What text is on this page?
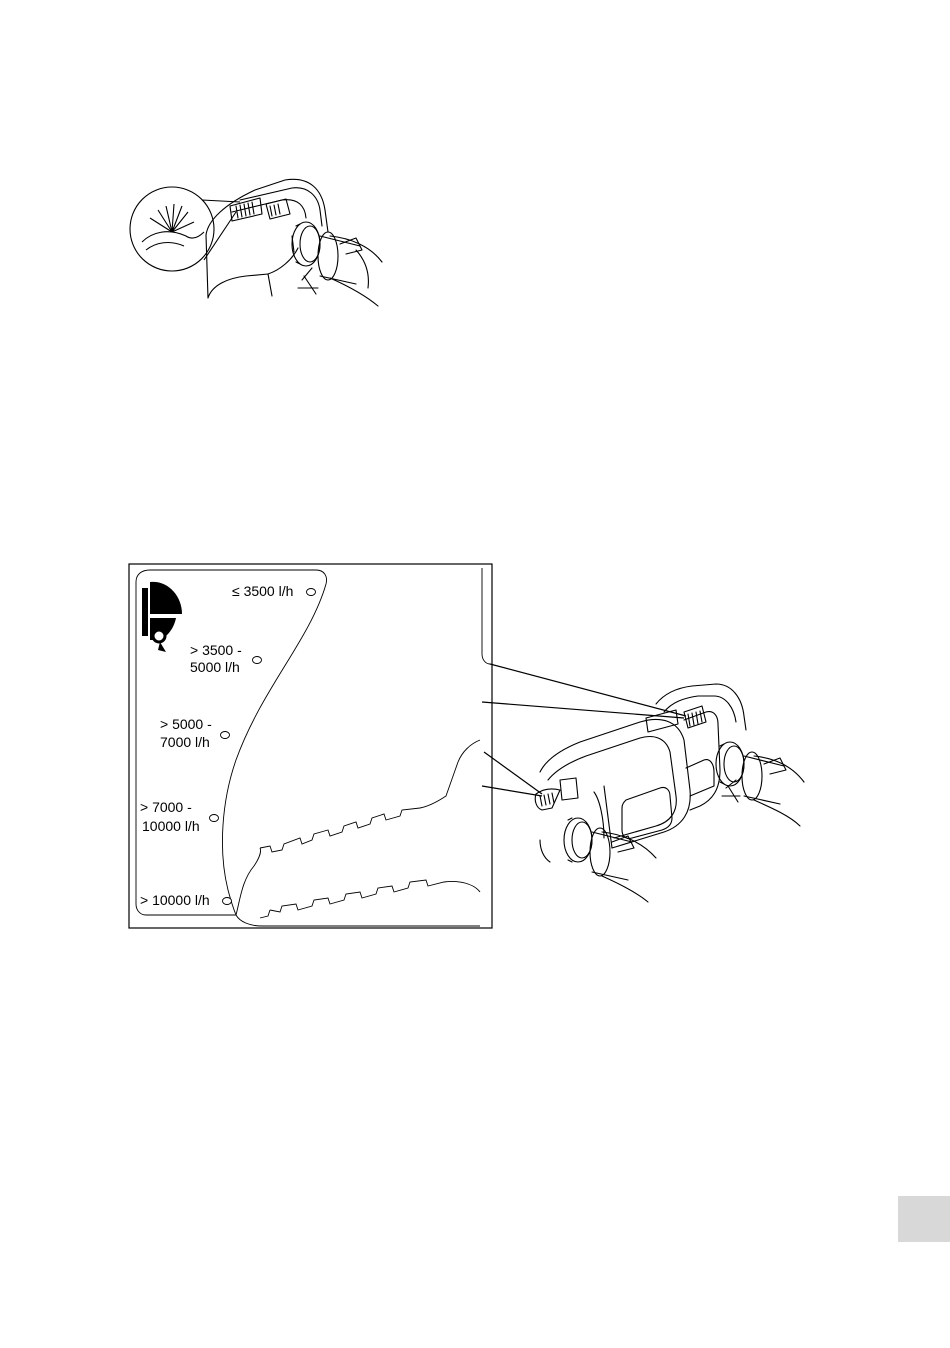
≤ 3500 l/h
> 3500 -
5000 l/h
> 5000 -
7000 l/h
> 7000 -
10000 l/h
> 10000 l/h
